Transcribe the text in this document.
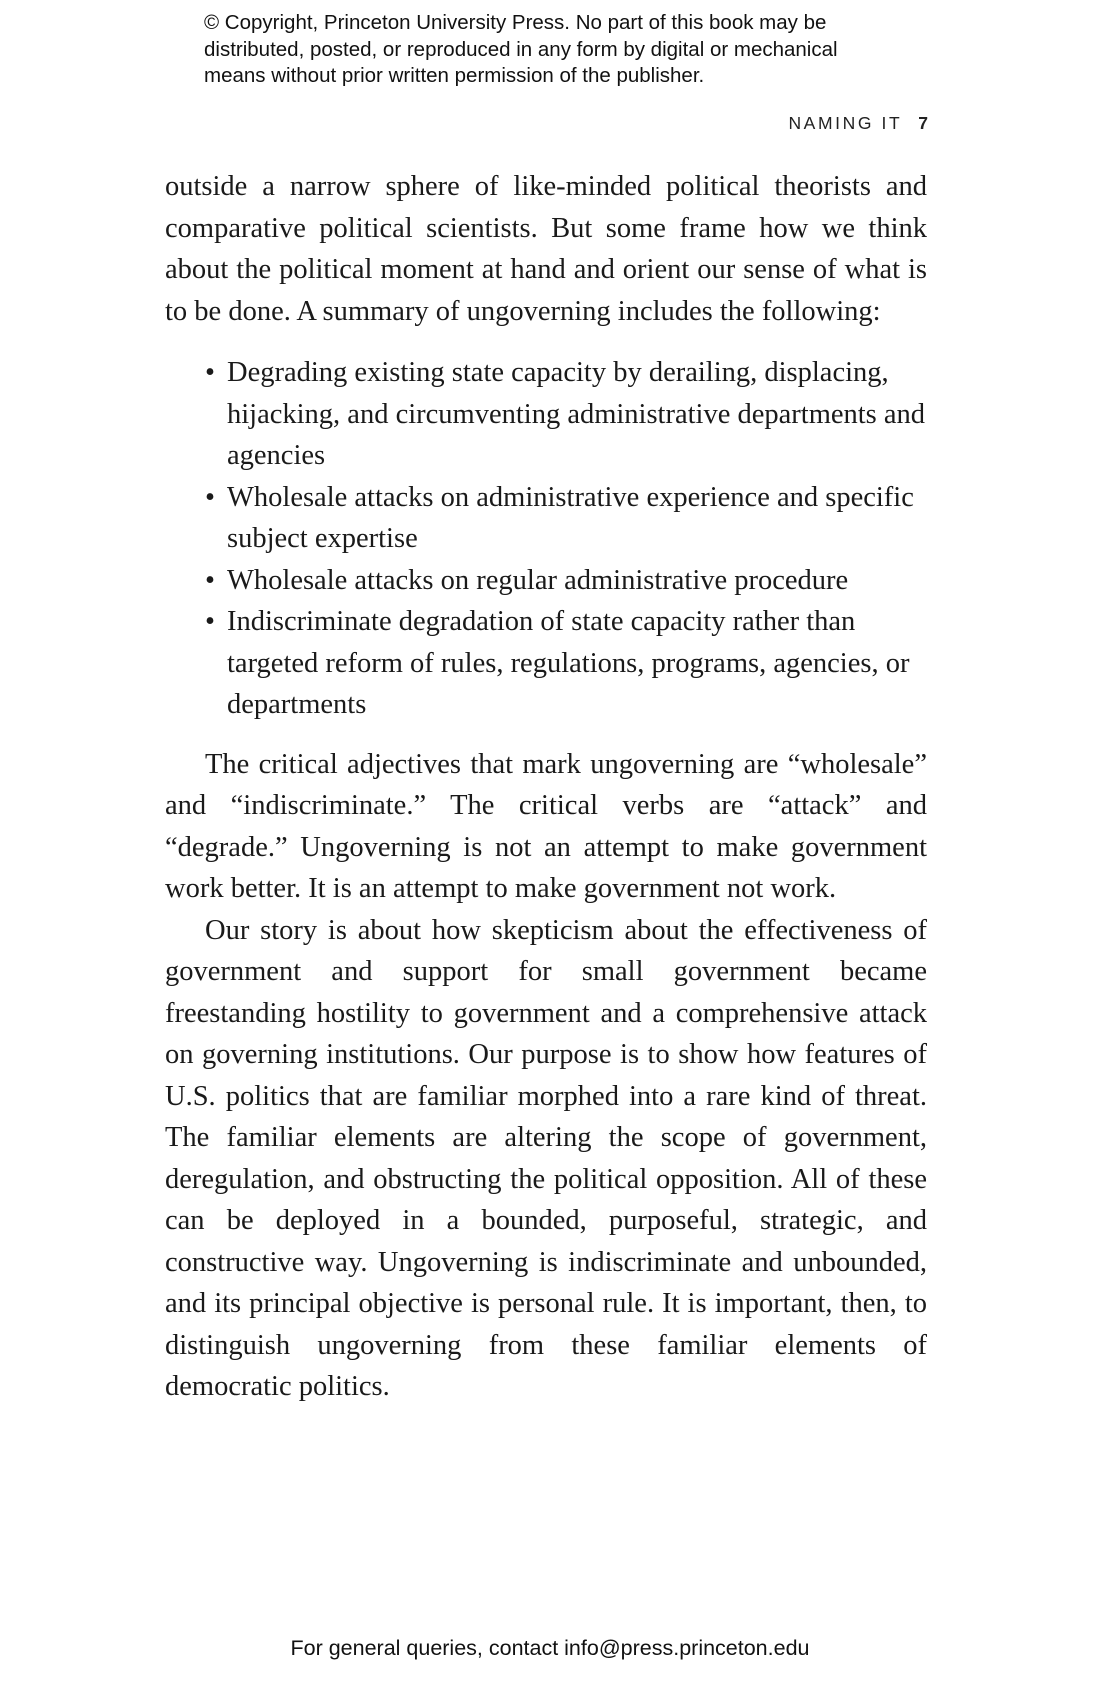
© Copyright, Princeton University Press. No part of this book may be
distributed, posted, or reproduced in any form by digital or mechanical
means without prior written permission of the publisher.
NAMING IT 7

outside a narrow sphere of like-minded political theorists and comparative political scientists. But some frame how we think about the political moment at hand and orient our sense of what is to be done. A summary of ungoverning includes the following:

• Degrading existing state capacity by derailing, displacing, hijacking, and circumventing administrative departments and agencies
• Wholesale attacks on administrative experience and specific subject expertise
• Wholesale attacks on regular administrative procedure
• Indiscriminate degradation of state capacity rather than targeted reform of rules, regulations, programs, agencies, or departments

The critical adjectives that mark ungoverning are “wholesale” and “indiscriminate.” The critical verbs are “attack” and “degrade.” Ungoverning is not an attempt to make government work better. It is an attempt to make government not work.

Our story is about how skepticism about the effectiveness of government and support for small government became freestanding hostility to government and a comprehensive attack on governing institutions. Our purpose is to show how features of U.S. politics that are familiar morphed into a rare kind of threat. The familiar elements are altering the scope of government, deregulation, and obstructing the political opposition. All of these can be deployed in a bounded, purposeful, strategic, and constructive way. Ungoverning is indiscriminate and unbounded, and its principal objective is personal rule. It is important, then, to distinguish ungoverning from these familiar elements of democratic politics.

For general queries, contact info@press.princeton.edu
